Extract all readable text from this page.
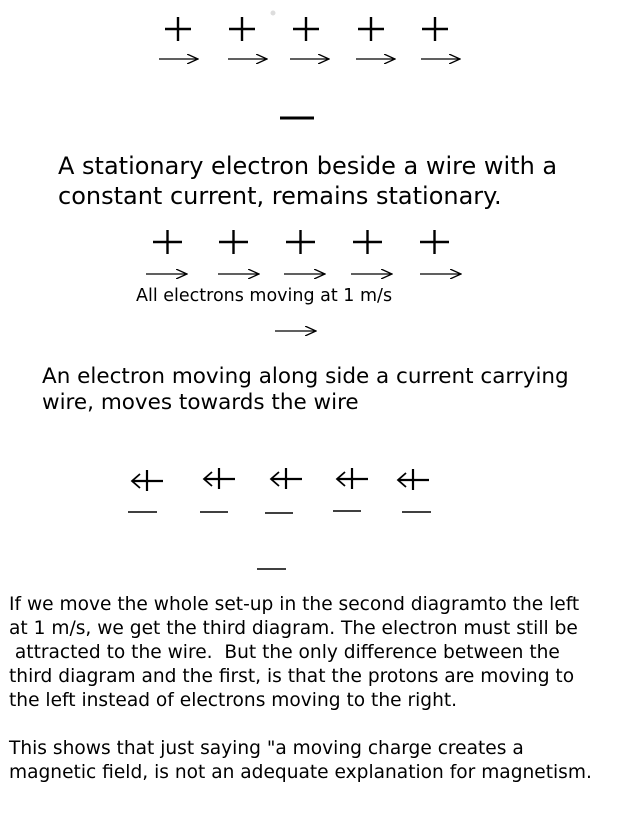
A stationary electron beside a wire with a
constant current, remains stationary.
All electrons moving at 1 m/s
An electron moving along side a current carrying
wire, moves towards the wire
If we move the whole set-up in the second diagramto the left
at 1 m/s, we get the third diagram. The electron must still be
attracted to the wire.  But the only difference between the
third diagram and the first, is that the protons are moving to
the left instead of electrons moving to the right.
This shows that just saying "a moving charge creates a
magnetic field, is not an adequate explanation for magnetism.
